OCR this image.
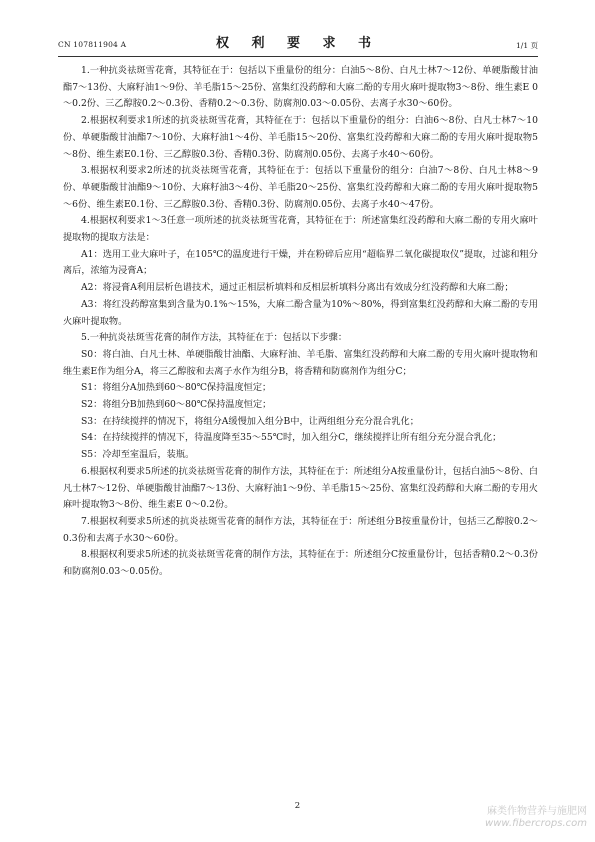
CN 107811904 A	权 利 要 求 书	1/1 页

1.一种抗炎祛斑雪花膏，其特征在于：包括以下重量份的组分：白油5～8份、白凡士林7～12份、单硬脂酸甘油酯7～13份、大麻籽油1～9份、羊毛脂15～25份、富集红没药醇和大麻二酚的专用火麻叶提取物3～8份、维生素E 0～0.2份、三乙醇胺0.2～0.3份、香精0.2～0.3份、防腐剂0.03～0.05份、去离子水30～60份。

2.根据权利要求1所述的抗炎祛斑雪花膏，其特征在于：包括以下重量份的组分：白油6～8份、白凡士林7～10份、单硬脂酸甘油酯7～10份、大麻籽油1～4份、羊毛脂15～20份、富集红没药醇和大麻二酚的专用火麻叶提取物5～8份、维生素E0.1份、三乙醇胺0.3份、香精0.3份、防腐剂0.05份、去离子水40～60份。

3.根据权利要求2所述的抗炎祛斑雪花膏，其特征在于：包括以下重量份的组分：白油7～8份、白凡士林8～9份、单硬脂酸甘油酯9～10份、大麻籽油3～4份、羊毛脂20～25份、富集红没药醇和大麻二酚的专用火麻叶提取物5～6份、维生素E0.1份、三乙醇胺0.3份、香精0.3份、防腐剂0.05份、去离子水40～47份。

4.根据权利要求1～3任意一项所述的抗炎祛斑雪花膏，其特征在于：所述富集红没药醇和大麻二酚的专用火麻叶提取物的提取方法是：

A1：选用工业大麻叶子，在105℃的温度进行干燥，并在粉碎后应用“超临界二氧化碳提取仪”提取，过滤和粗分离后，浓缩为浸膏A；

A2：将浸膏A利用层析色谱技术，通过正相层析填料和反相层析填料分离出有效成分红没药醇和大麻二酚；

A3：将红没药醇富集到含量为0.1%～15%，大麻二酚含量为10%～80%，得到富集红没药醇和大麻二酚的专用火麻叶提取物。

5.一种抗炎祛斑雪花膏的制作方法，其特征在于：包括以下步骤：

S0：将白油、白凡士林、单硬脂酸甘油酯、大麻籽油、羊毛脂、富集红没药醇和大麻二酚的专用火麻叶提取物和维生素E作为组分A，将三乙醇胺和去离子水作为组分B，将香精和防腐剂作为组分C；

S1：将组分A加热到60～80℃保持温度恒定；

S2：将组分B加热到60～80℃保持温度恒定；

S3：在持续搅拌的情况下，将组分A缓慢加入组分B中，让两组组分充分混合乳化；

S4：在持续搅拌的情况下，待温度降至35～55℃时，加入组分C，继续搅拌让所有组分充分混合乳化；

S5：冷却至室温后，装瓶。

6.根据权利要求5所述的抗炎祛斑雪花膏的制作方法，其特征在于：所述组分A按重量份计，包括白油5～8份、白凡士林7～12份、单硬脂酸甘油酯7～13份、大麻籽油1～9份、羊毛脂15～25份、富集红没药醇和大麻二酚的专用火麻叶提取物3～8份、维生素E 0～0.2份。

7.根据权利要求5所述的抗炎祛斑雪花膏的制作方法，其特征在于：所述组分B按重量份计，包括三乙醇胺0.2～0.3份和去离子水30～60份。

8.根据权利要求5所述的抗炎祛斑雪花膏的制作方法，其特征在于：所述组分C按重量份计，包括香精0.2～0.3份和防腐剂0.03～0.05份。

2	麻类作物营养与施肥网
www.fibercrops.com
